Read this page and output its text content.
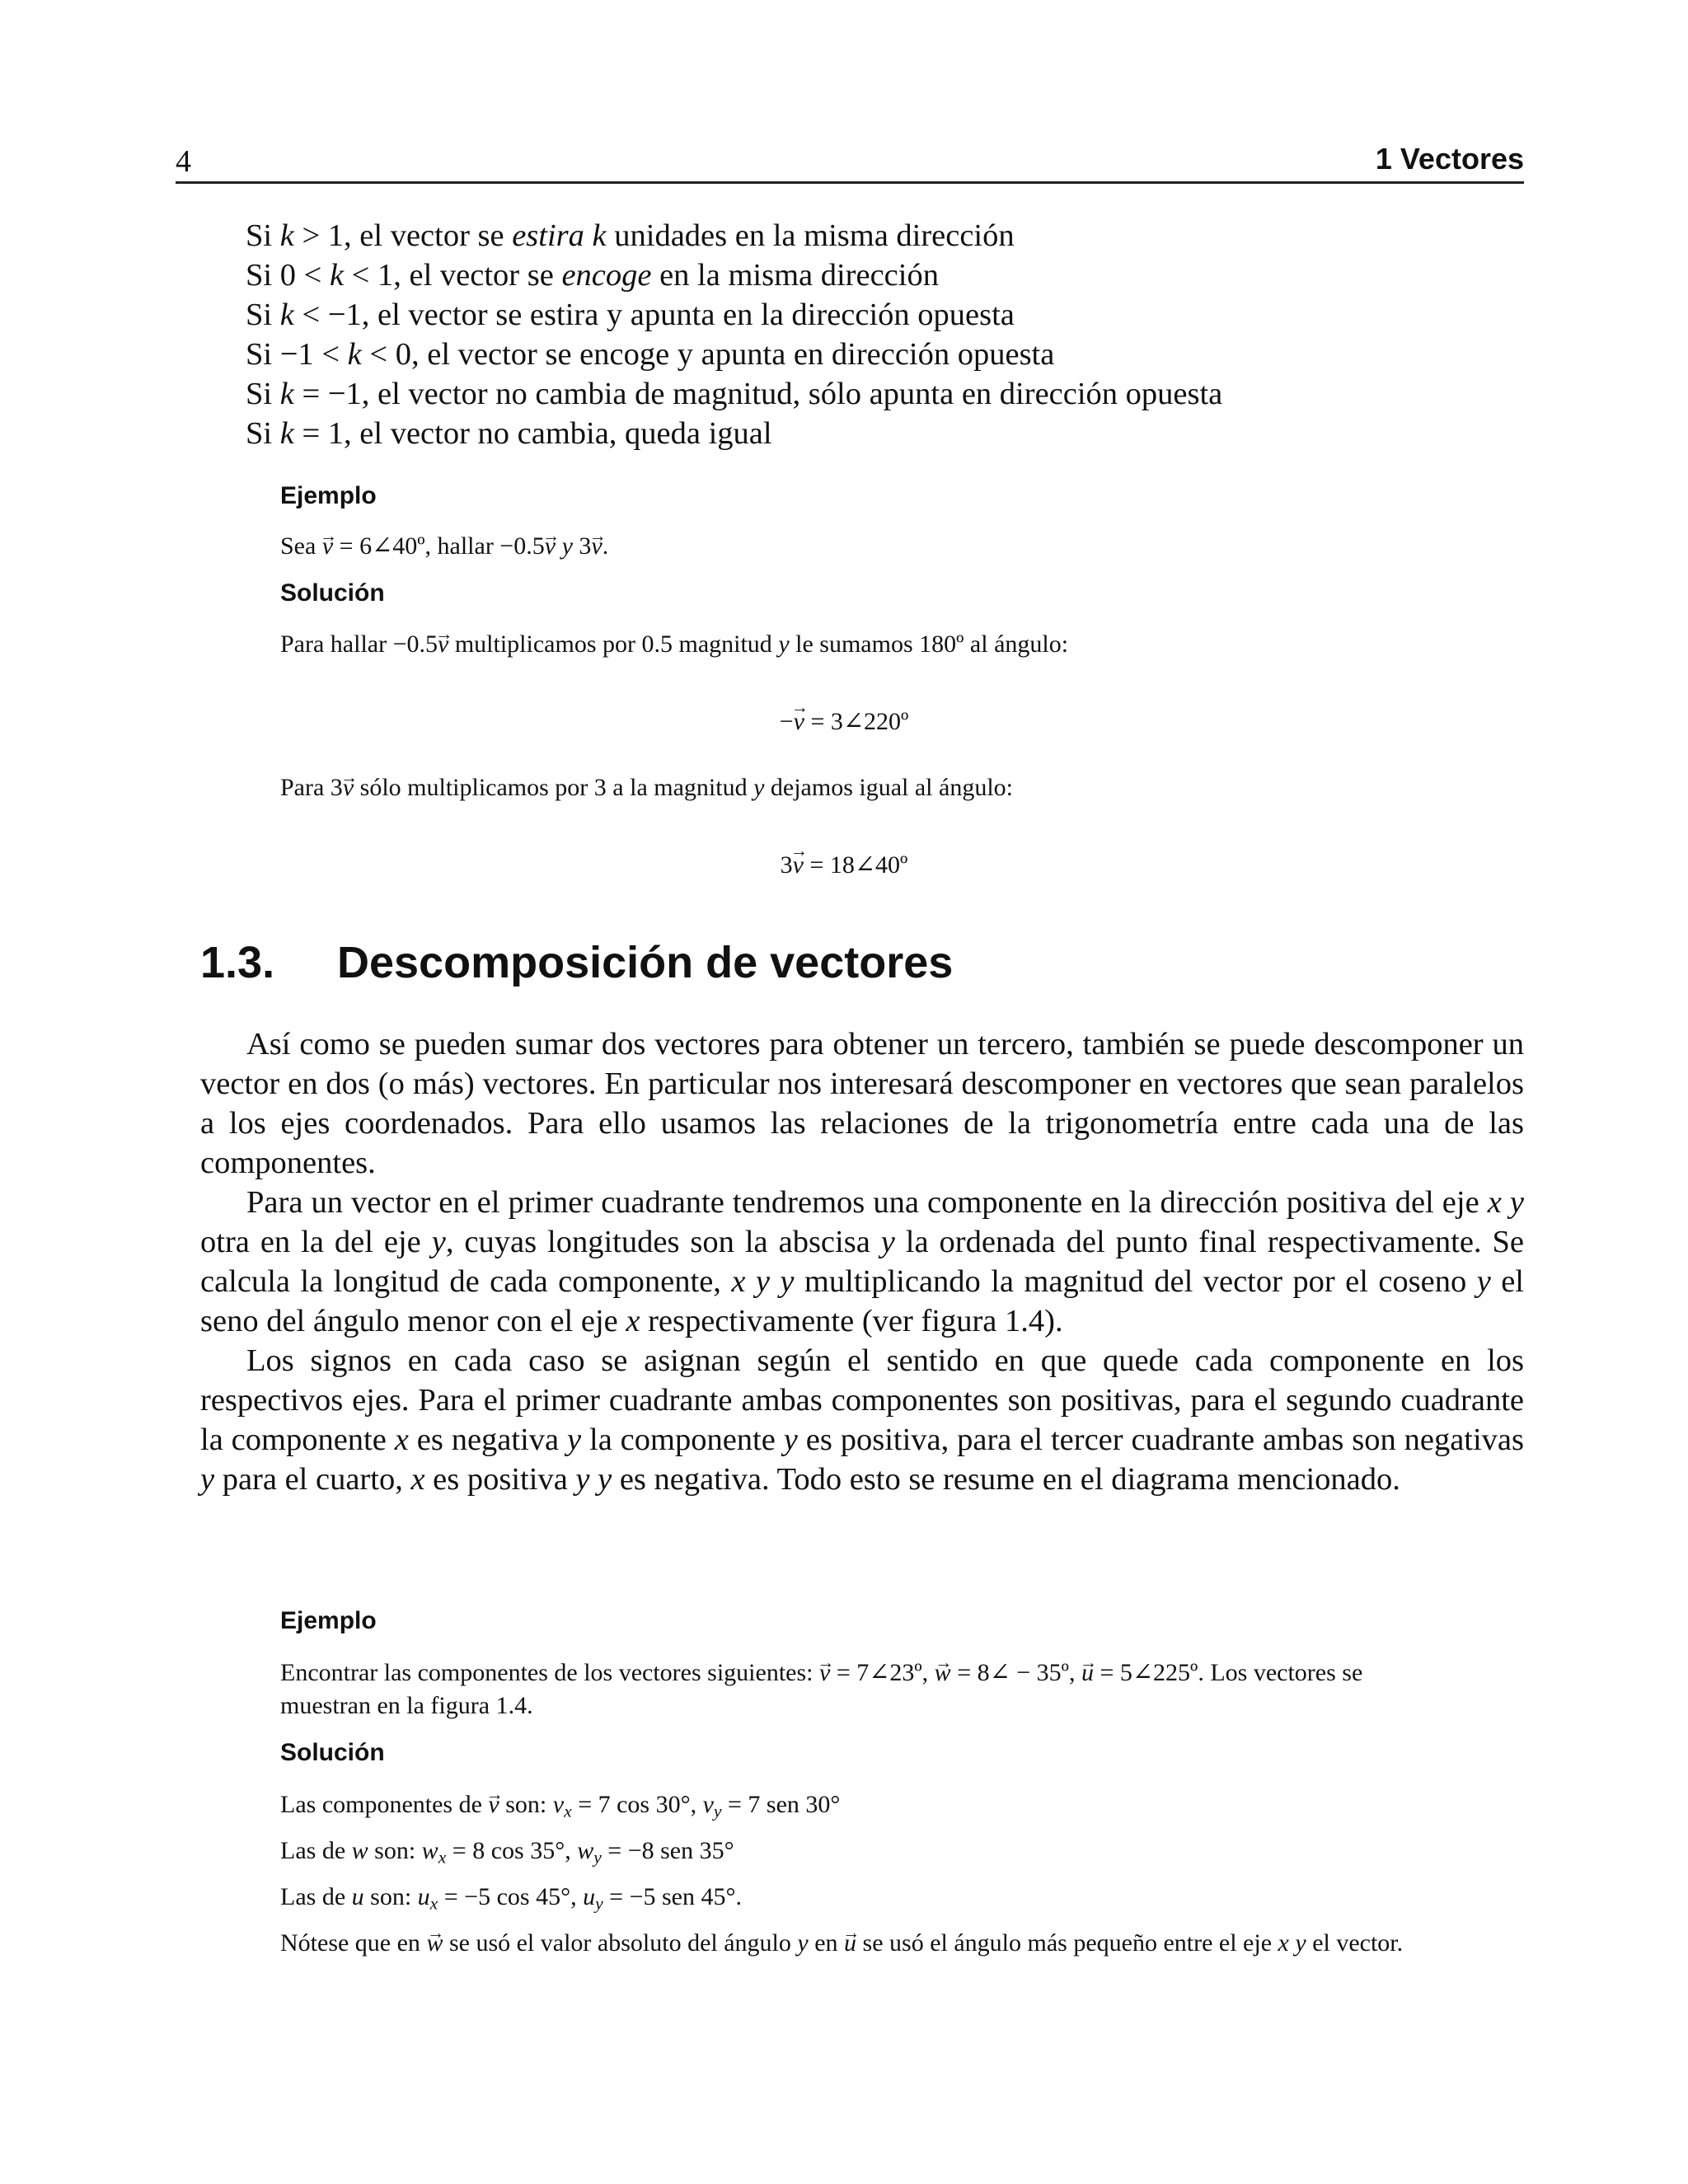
4	1 Vectores
Si k > 1, el vector se estira k unidades en la misma dirección
Si 0 < k < 1, el vector se encoge en la misma dirección
Si k < −1, el vector se estira y apunta en la dirección opuesta
Si −1 < k < 0, el vector se encoge y apunta en dirección opuesta
Si k = −1, el vector no cambia de magnitud, sólo apunta en dirección opuesta
Si k = 1, el vector no cambia, queda igual
Ejemplo
Sea → v = 6∠40º, hallar −0.5→ v y 3→ v.
Solución
Para hallar −0.5→ v multiplicamos por 0.5 magnitud y le sumamos 180º al ángulo:
−→ v = 3∠220º
Para 3→ v sólo multiplicamos por 3 a la magnitud y dejamos igual al ángulo:
3→ v = 18∠40º
1.3. Descomposición de vectores

Así como se pueden sumar dos vectores para obtener un tercero, también se puede descomponer un vector en dos (o más) vectores. En particular nos interesará descomponer en vectores que sean paralelos a los ejes coordenados. Para ello usamos las relaciones de la trigonometría entre cada una de las componentes.

Para un vector en el primer cuadrante tendremos una componente en la dirección positiva del eje x y otra en la del eje y, cuyas longitudes son la abscisa y la ordenada del punto final respectivamente. Se calcula la longitud de cada componente, x y y multiplicando la magnitud del vector por el coseno y el seno del ángulo menor con el eje x respectivamente (ver figura 1.4).

Los signos en cada caso se asignan según el sentido en que quede cada componente en los respectivos ejes. Para el primer cuadrante ambas componentes son positivas, para el segundo cuadrante la componente x es negativa y la componente y es positiva, para el tercer cuadrante ambas son negativas y para el cuarto, x es positiva y y es negativa. Todo esto se resume en el diagrama mencionado.

Ejemplo
Encontrar las componentes de los vectores siguientes: → v = 7∠23º, → w = 8∠ − 35º, → u = 5∠225º. Los vectores se muestran en la figura 1.4.
Solución
Las componentes de → v son: $v_x = 7$ cos 30°, $v_y = 7$ sen 30°
Las de w son: $w_x = 8$ cos 35°, $w_y = -8$ sen 35°
Las de u son: $u_x = -5$ cos 45°, $u_y = -5$ sen 45°.
Nótese que en → w se usó el valor absoluto del ángulo y en → u se usó el ángulo más pequeño entre el eje x y el vector.
